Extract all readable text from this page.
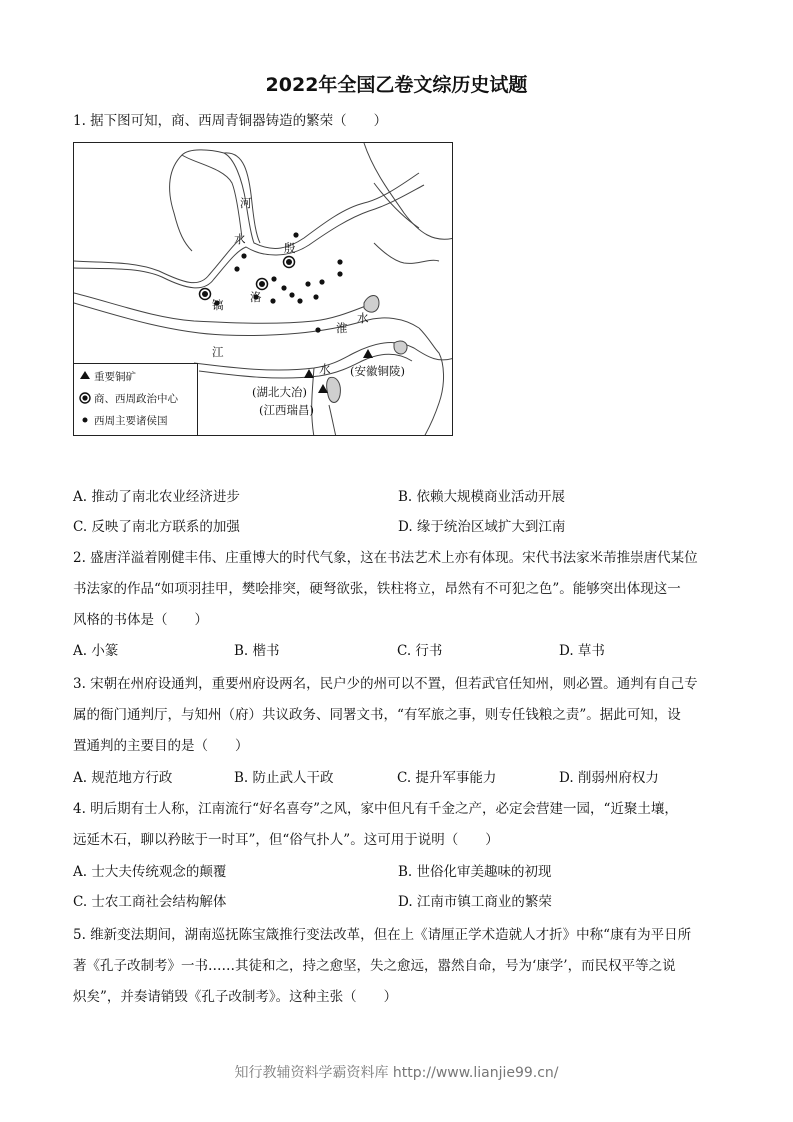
2022年全国乙卷文综历史试题
1. 据下图可知，商、西周青铜器铸造的繁荣（　　）
河
水
殷
洛
镐
淮
水
江
水 (安徽铜陵)
(湖北大冶)
(江西瑞昌)
重要铜矿
商、西周政治中心
西周主要诸侯国
A. 推动了南北农业经济进步	B. 依赖大规模商业活动开展
C. 反映了南北方联系的加强	D. 缘于统治区域扩大到江南
2. 盛唐洋溢着刚健丰伟、庄重博大的时代气象，这在书法艺术上亦有体现。宋代书法家米芾推崇唐代某位
书法家的作品“如项羽挂甲，樊哙排突，硬弩欲张，铁柱将立，昂然有不可犯之色”。能够突出体现这一
风格的书体是（　　）
A. 小篆	B. 楷书	C. 行书	D. 草书
3. 宋朝在州府设通判，重要州府设两名，民户少的州可以不置，但若武官任知州，则必置。通判有自己专
属的衙门通判厅，与知州（府）共议政务、同署文书，“有军旅之事，则专任钱粮之责”。据此可知，设
置通判的主要目的是（　　）
A. 规范地方行政	B. 防止武人干政	C. 提升军事能力	D. 削弱州府权力
4. 明后期有士人称，江南流行“好名喜夸”之风，家中但凡有千金之产，必定会营建一园，“近聚土壤，
远延木石，聊以矜眩于一时耳”，但“俗气扑人”。这可用于说明（　　）
A. 士大夫传统观念的颠覆	B. 世俗化审美趣味的初现
C. 士农工商社会结构解体	D. 江南市镇工商业的繁荣
5. 维新变法期间，湖南巡抚陈宝箴推行变法改革，但在上《请厘正学术造就人才折》中称“康有为平日所
著《孔子改制考》一书……其徒和之，持之愈坚，失之愈远，嚣然自命，号为‘康学’，而民权平等之说
炽矣”，并奏请销毁《孔子改制考》。这种主张（　　）
知行教辅资料学霸资料库 http://www.lianjie99.cn/
